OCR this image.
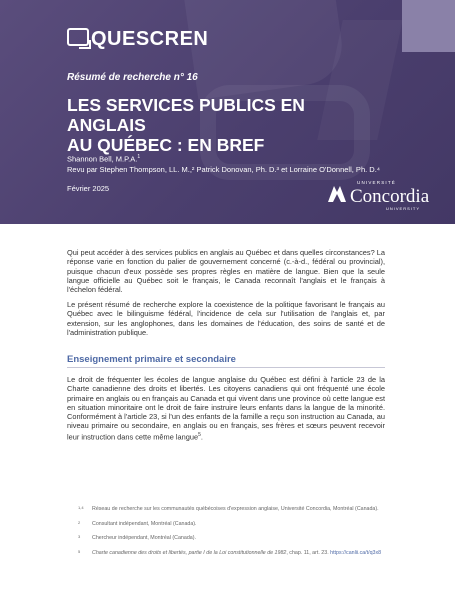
QUESCREN
Résumé de recherche n° 16
LES SERVICES PUBLICS EN ANGLAIS
AU QUÉBEC : EN BREF
Shannon Bell, M.P.A.$^1$
Revu par Stephen Thompson, LL. M.,² Patrick Donovan, Ph. D.³ et Lorraine O'Donnell, Ph. D.⁴
Février 2025
UNIVERSITÉ
Concordia
UNIVERSITY

Qui peut accéder à des services publics en anglais au Québec et dans quelles circonstances? La réponse varie en fonction du palier de gouvernement concerné (c.-à-d., fédéral ou provincial), puisque chacun d'eux possède ses propres règles en matière de langue. Bien que la seule langue officielle au Québec soit le français, le Canada reconnaît l'anglais et le français à l'échelon fédéral.

Le présent résumé de recherche explore la coexistence de la politique favorisant le français au Québec avec le bilinguisme fédéral, l'incidence de cela sur l'utilisation de l'anglais et, par extension, sur les anglophones, dans les domaines de l'éducation, des soins de santé et de l'administration publique.

Enseignement primaire et secondaire

Le droit de fréquenter les écoles de langue anglaise du Québec est défini à l'article 23 de la Charte canadienne des droits et libertés. Les citoyens canadiens qui ont fréquenté une école primaire en anglais ou en français au Canada et qui vivent dans une province où cette langue est en situation minoritaire ont le droit de faire instruire leurs enfants dans la langue de la minorité. Conformément à l'article 23, si l'un des enfants de la famille a reçu son instruction au Canada, au niveau primaire ou secondaire, en anglais ou en français, ses frères et sœurs peuvent recevoir leur instruction dans cette même langue$^5$.

1,4 Réseau de recherche sur les communautés québécoises d'expression anglaise, Université Concordia, Montréal (Canada).
2 Consultant indépendant, Montréal (Canada).
3 Chercheur indépendant, Montréal (Canada).
5 Charte canadienne des droits et libertés, partie I de la Loi constitutionnelle de 1982, chap. 11, art. 23. https://canlii.ca/t/q3x8
